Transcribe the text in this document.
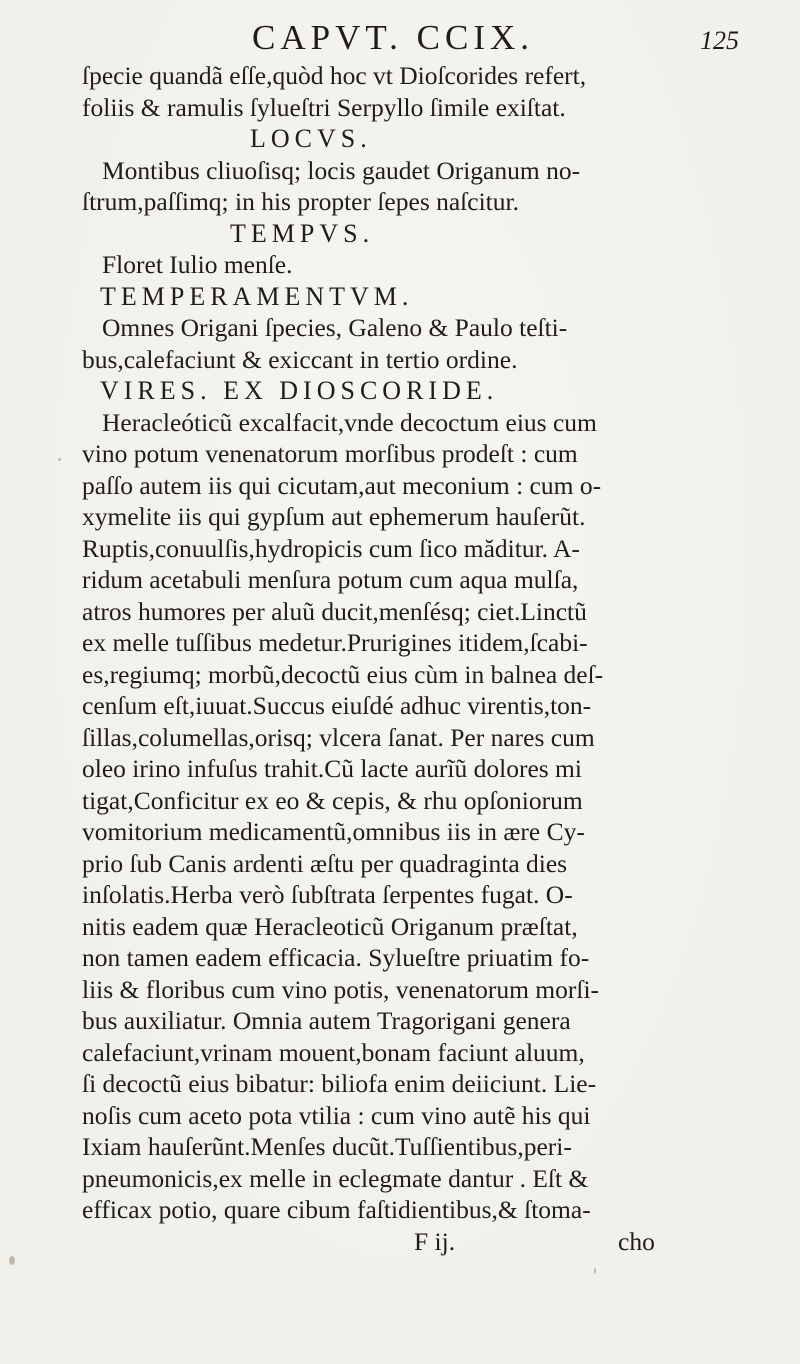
CAPVT. CCIX.	125
ſpecie quandã eſſe,quòd hoc vt Dioſcorides refert,
foliis & ramulis ſylueſtri Serpyllo ſimile exiſtat.
LOCVS.
Montibus cliuoſisq; locis gaudet Origanum no-
ſtrum,paſſimq; in his propter ſepes naſcitur.
TEMPVS.
Floret Iulio menſe.
TEMPERAMENTVM.
Omnes Origani ſpecies, Galeno & Paulo teſti-
bus,calefaciunt & exiccant in tertio ordine.
VIRES. EX DIOSCORIDE.
Heracleóticũ excalfacit,vnde decoctum eius cum
vino potum venenatorum morſibus prodeſt : cum
paſſo autem iis qui cicutam,aut meconium : cum o-
xymelite iis qui gypſum aut ephemerum hauſerũt.
Ruptis,conuulſis,hydropicis cum ſico măditur. A-
ridum acetabuli menſura potum cum aqua mulſa,
atros humores per aluũ ducit,menſésq; ciet.Linctũ
ex melle tuſſibus medetur.Prurigines itidem,ſcabi-
es,regiumq; morbũ,decoctũ eius cùm in balnea deſ-
cenſum eſt,iuuat.Succus eiuſdé adhuc virentis,ton-
ſillas,columellas,orisq; vlcera ſanat. Per nares cum
oleo irino infuſus trahit.Cũ lacte aurĩũ dolores mi
tigat,Conficitur ex eo & cepis, & rhu opſoniorum
vomitorium medicamentũ,omnibus iis in ære Cy-
prio ſub Canis ardenti æſtu per quadraginta dies
inſolatis.Herba verò ſubſtrata ſerpentes fugat. O-
nitis eadem quæ Heracleoticũ Origanum præſtat,
non tamen eadem efficacia. Sylueſtre priuatim fo-
liis & floribus cum vino potis, venenatorum morſi-
bus auxiliatur. Omnia autem Tragorigani genera
calefaciunt,vrinam mouent,bonam faciunt aluum,
ſi decoctũ eius bibatur: biliofa enim deiiciunt. Lie-
noſis cum aceto pota vtilia : cum vino autẽ his qui
Ixiam hauſerũnt.Menſes ducũt.Tuſſientibus,peri-
pneumonicis,ex melle in eclegmate dantur . Eſt &
efficax potio, quare cibum faſtidientibus,& ſtoma-
F ij.	cho
